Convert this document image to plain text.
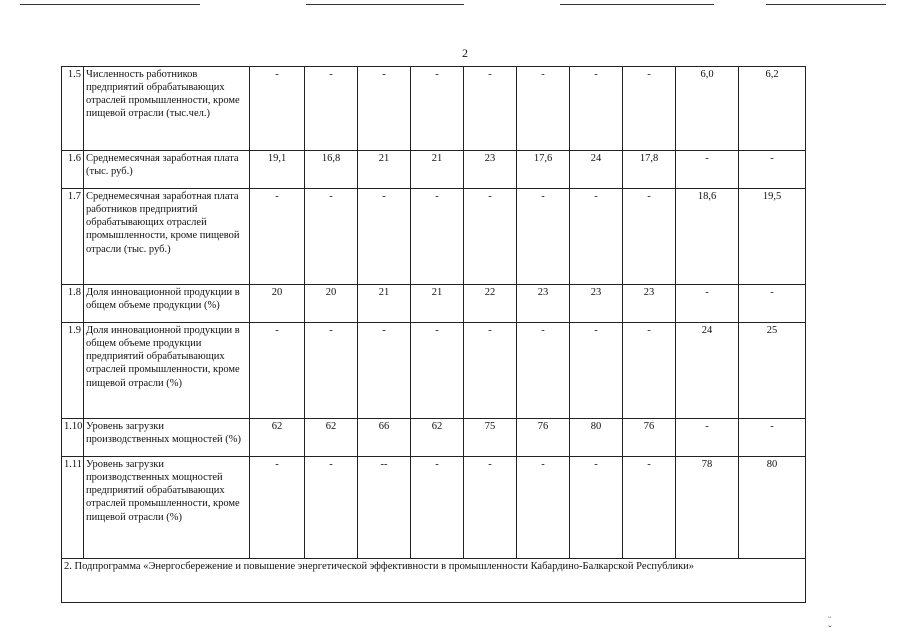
2
1.5	Численность работников предприятий обрабатывающих отраслей промышленности, кроме пищевой отрасли (тыс.чел.)	-	-	-	-	-	-	-	-	6,0	6,2
1.6	Среднемесячная заработная плата (тыс. руб.)	19,1	16,8	21	21	23	17,6	24	17,8	-	-
1.7	Среднемесячная заработная плата работников предприятий обрабатывающих отраслей промышленности, кроме пищевой отрасли (тыс. руб.)	-	-	-	-	-	-	-	-	18,6	19,5
1.8	Доля инновационной продукции в общем объеме продукции (%)	20	20	21	21	22	23	23	23	-	-
1.9	Доля инновационной продукции в общем объеме продукции предприятий обрабатывающих отраслей промышленности, кроме пищевой отрасли (%)	-	-	-	-	-	-	-	-	24	25
1.10	Уровень загрузки производственных мощностей (%)	62	62	66	62	75	76	80	76	-	-
1.11	Уровень загрузки производственных мощностей предприятий обрабатывающих отраслей промышленности, кроме пищевой отрасли (%)	-	-	--	-	-	-	-	-	78	80
2. Подпрограмма «Энергосбережение и повышение энергетической эффективности в промышленности Кабардино-Балкарской Республики»											
ᵕ ˇ
